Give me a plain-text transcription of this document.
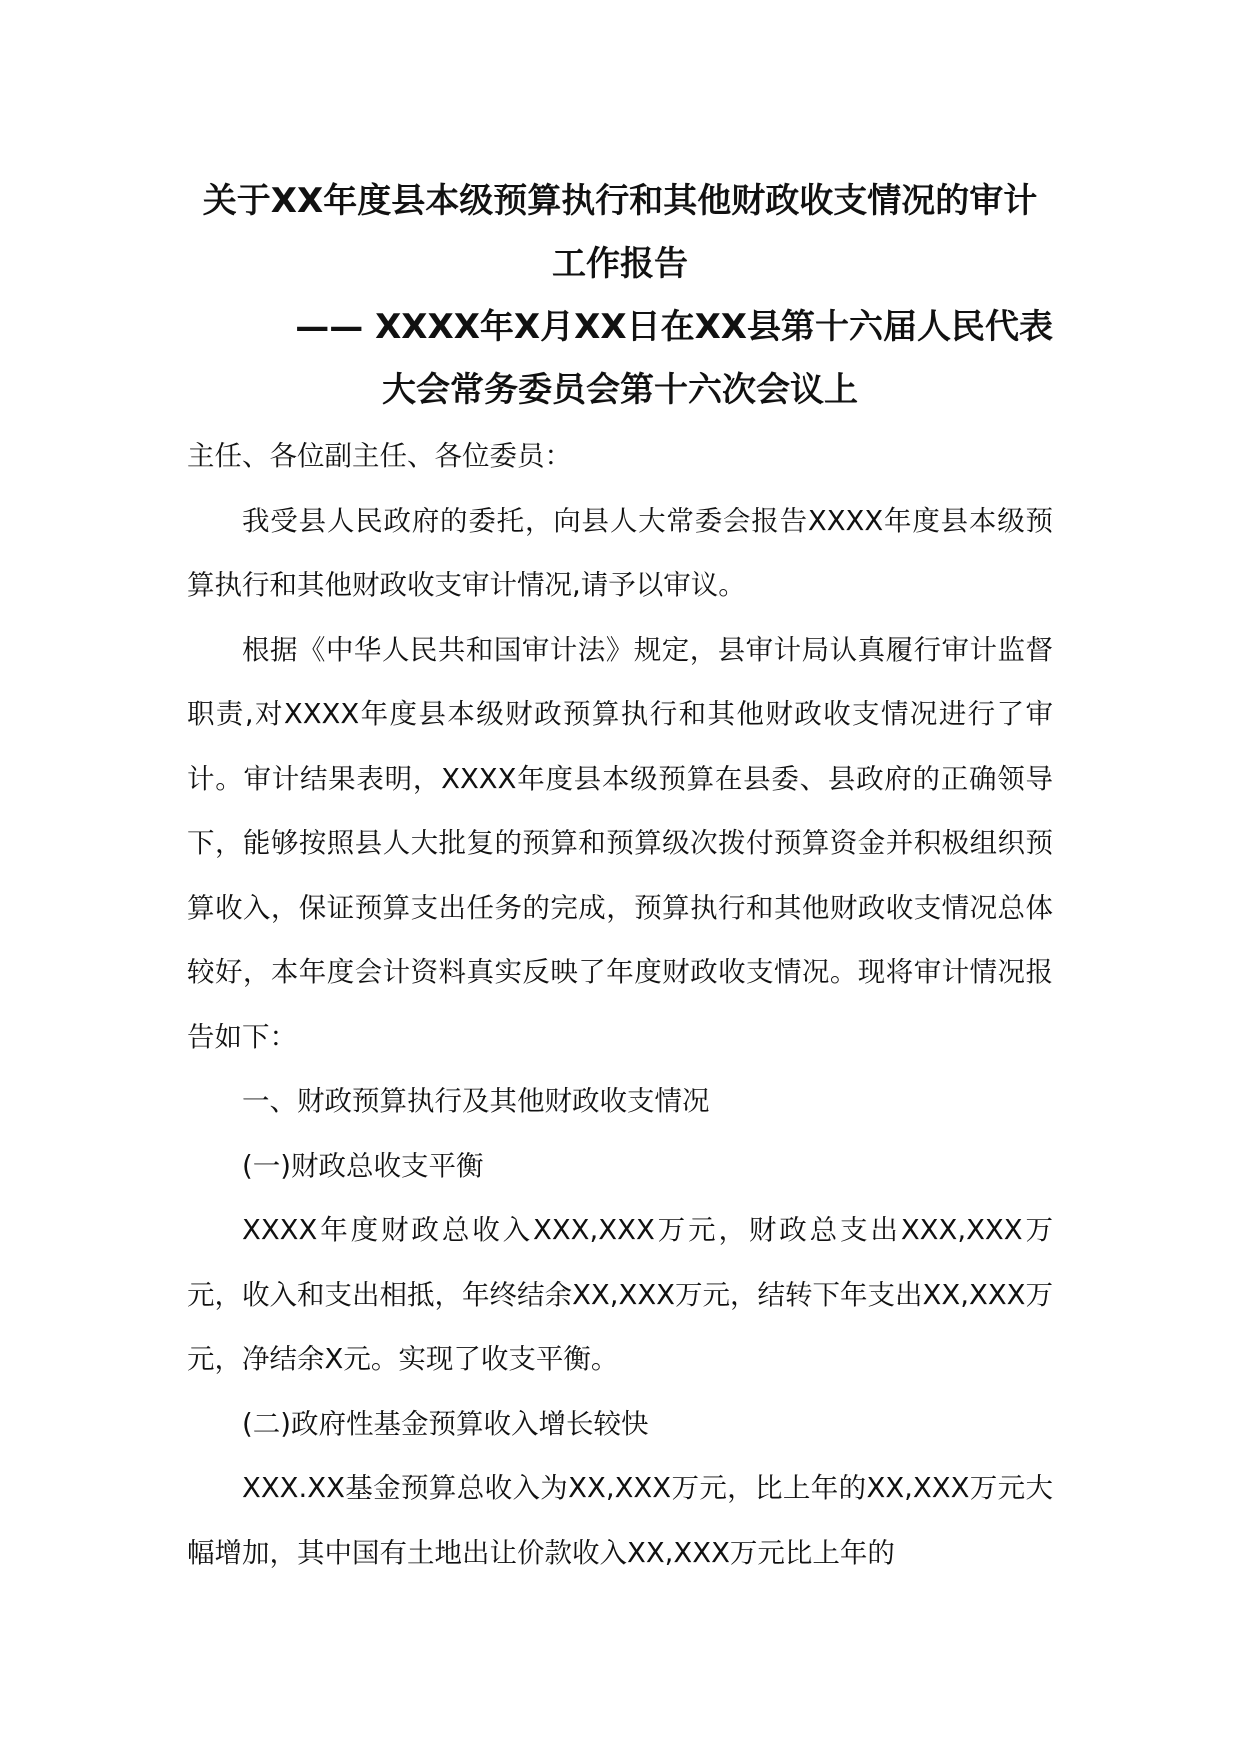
关于XX年度县本级预算执行和其他财政收支情况的审计工作报告
—— XXXX年X月XX日在XX县第十六届人民代表
大会常务委员会第十六次会议上

主任、各位副主任、各位委员：

我受县人民政府的委托，向县人大常委会报告XXXX年度县本级预算执行和其他财政收支审计情况,请予以审议。

根据《中华人民共和国审计法》规定，县审计局认真履行审计监督职责,对XXXX年度县本级财政预算执行和其他财政收支情况进行了审计。审计结果表明，XXXX年度县本级预算在县委、县政府的正确领导下，能够按照县人大批复的预算和预算级次拨付预算资金并积极组织预算收入，保证预算支出任务的完成，预算执行和其他财政收支情况总体较好，本年度会计资料真实反映了年度财政收支情况。现将审计情况报告如下：

一、财政预算执行及其他财政收支情况

(一)财政总收支平衡

XXXX年度财政总收入XXX,XXX万元，财政总支出XXX,XXX万元，收入和支出相抵，年终结余XX,XXX万元，结转下年支出XX,XXX万元，净结余X元。实现了收支平衡。

(二)政府性基金预算收入增长较快

XXX.XX基金预算总收入为XX,XXX万元，比上年的XX,XXX万元大幅增加，其中国有土地出让价款收入XX,XXX万元比上年的
